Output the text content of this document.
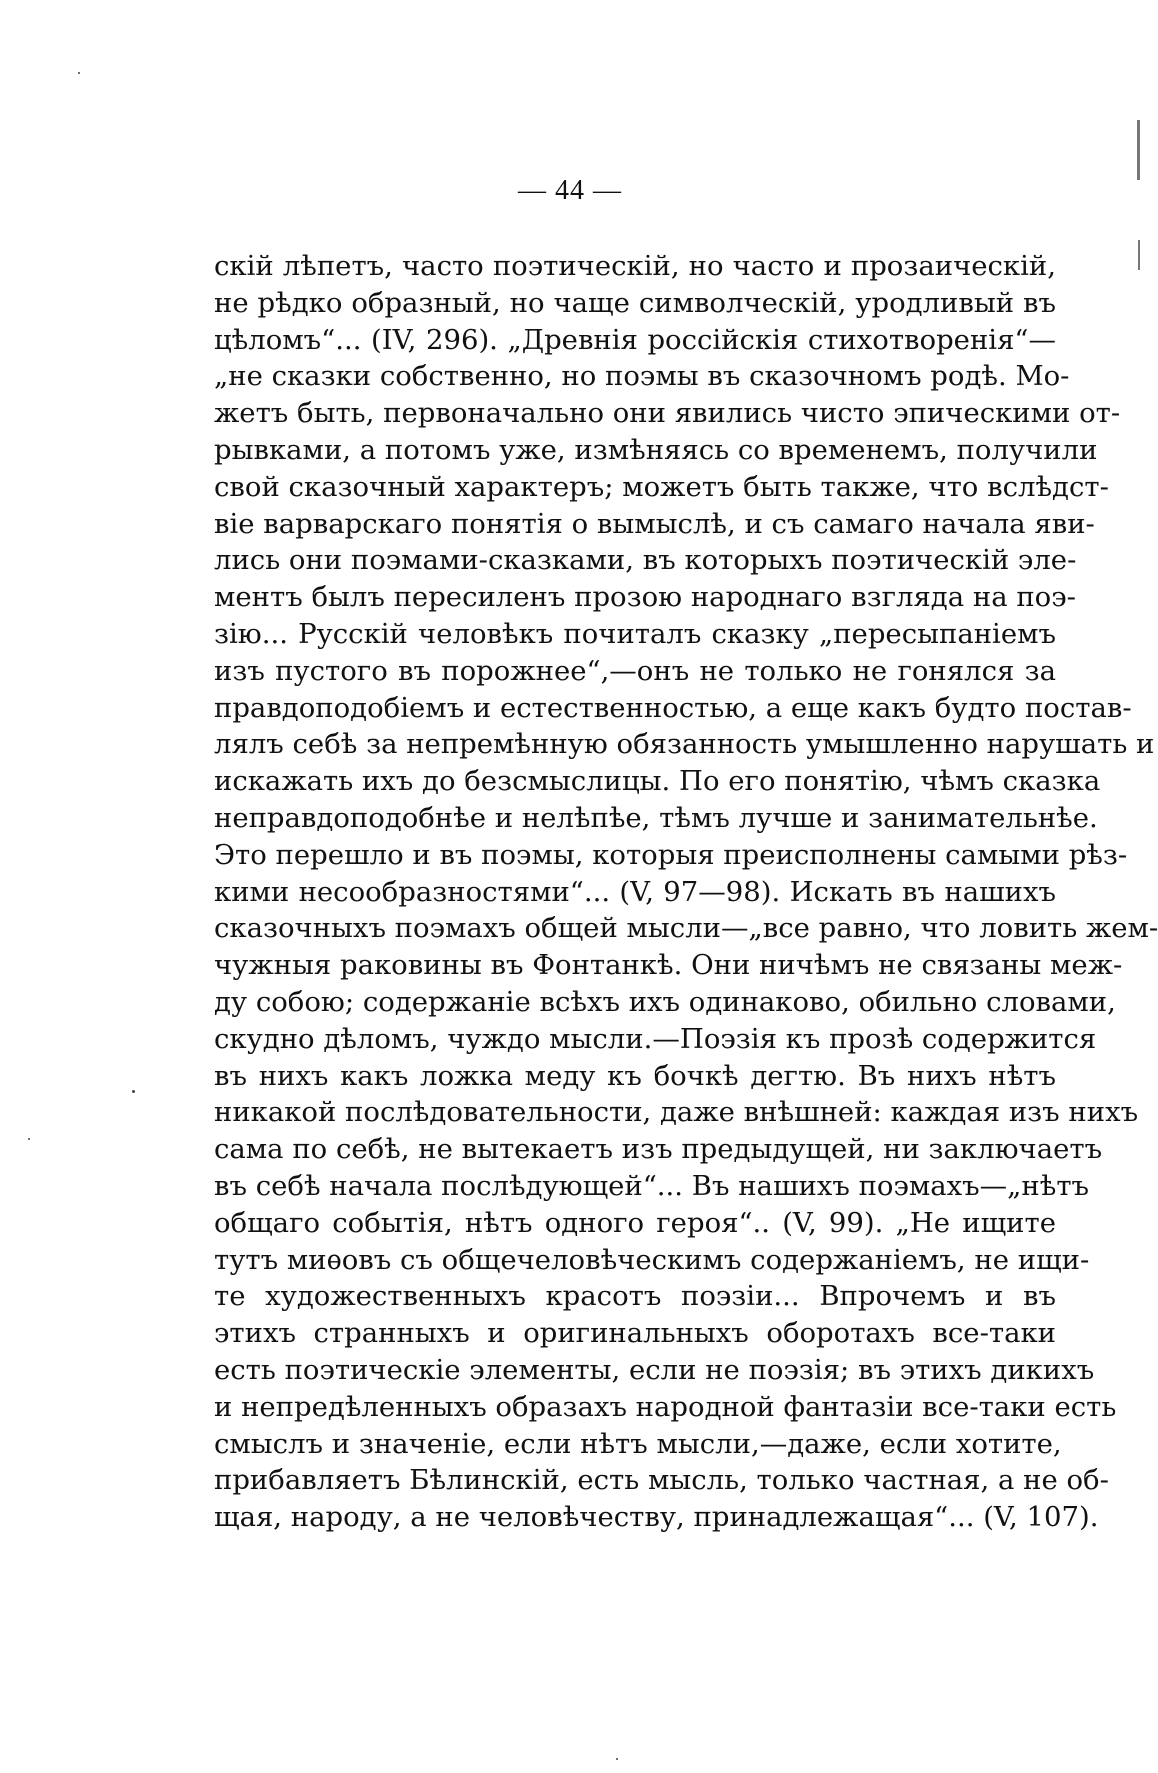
— 44 —
скій лѣпетъ, часто поэтическій, но часто и прозаическій,
не рѣдко образный, но чаще символческій, уродливый въ
цѣломъ“... (IV, 296). „Древнія россійскія стихотворенія“—
„не сказки собственно, но поэмы въ сказочномъ родѣ. Мо-
жетъ быть, первоначально они явились чисто эпическими от-
рывками, а потомъ уже, измѣняясь со временемъ, получили
свой сказочный характеръ; можетъ быть также, что вслѣдст-
віе варварскаго понятія о вымыслѣ, и съ самаго начала яви-
лись они поэмами-сказками, въ которыхъ поэтическій эле-
ментъ былъ пересиленъ прозою народнаго взгляда на поэ-
зію... Русскій человѣкъ почиталъ сказку „пересыпаніемъ
изъ пустого въ порожнее“,—онъ не только не гонялся за
правдоподобіемъ и естественностью, а еще какъ будто постав-
лялъ себѣ за непремѣнную обязанность умышленно нарушать и
искажать ихъ до безсмыслицы. По его понятію, чѣмъ сказка
неправдоподобнѣе и нелѣпѣе, тѣмъ лучше и занимательнѣе.
Это перешло и въ поэмы, которыя преисполнены самыми рѣз-
кими несообразностями“... (V, 97—98). Искать въ нашихъ
сказочныхъ поэмахъ общей мысли—„все равно, что ловить жем-
чужныя раковины въ Фонтанкѣ. Они ничѣмъ не связаны меж-
ду собою; содержаніе всѣхъ ихъ одинаково, обильно словами,
скудно дѣломъ, чуждо мысли.—Поэзія къ прозѣ содержится
въ нихъ какъ ложка меду къ бочкѣ дегтю. Въ нихъ нѣтъ
никакой послѣдовательности, даже внѣшней: каждая изъ нихъ
сама по себѣ, не вытекаетъ изъ предыдущей, ни заключаетъ
въ себѣ начала послѣдующей“... Въ нашихъ поэмахъ—„нѣтъ
общаго событія, нѣтъ одного героя“.. (V, 99). „Не ищите
тутъ миѳовъ съ общечеловѣческимъ содержаніемъ, не ищи-
те художественныхъ красотъ поэзіи... Впрочемъ и въ
этихъ странныхъ и оригинальныхъ оборотахъ все-таки
есть поэтическіе элементы, если не поэзія; въ этихъ дикихъ
и непредѣленныхъ образахъ народной фантазіи все-таки есть
смыслъ и значеніе, если нѣтъ мысли,—даже, если хотите,
прибавляетъ Бѣлинскій, есть мысль, только частная, а не об-
щая, народу, а не человѣчеству, принадлежащая“... (V, 107).
